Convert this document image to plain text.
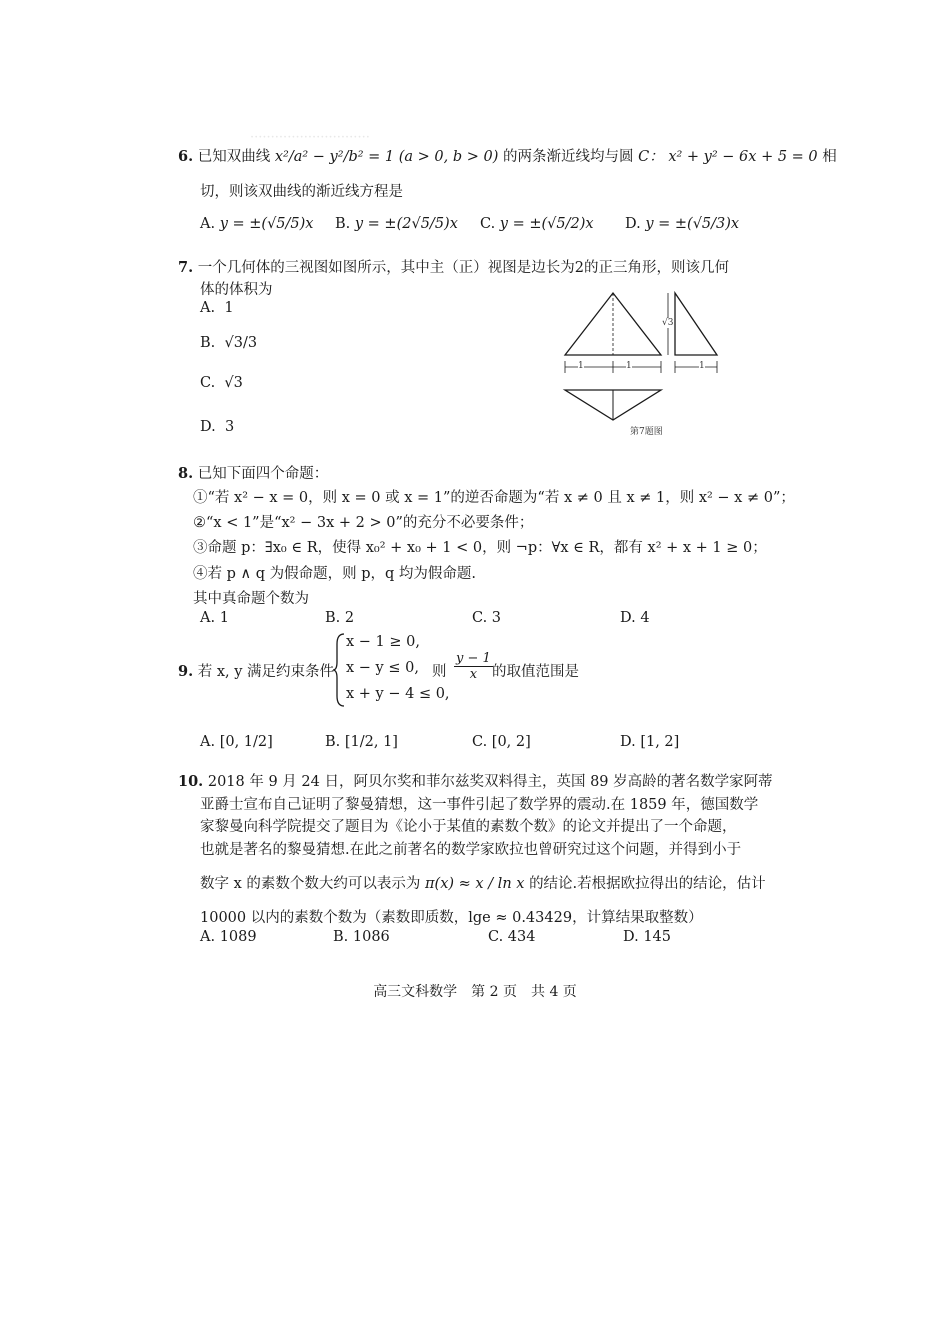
·····························
6. 已知双曲线 x²/a² − y²/b² = 1 (a > 0, b > 0) 的两条渐近线均与圆 C： x² + y² − 6x + 5 = 0 相
切，则该双曲线的渐近线方程是
A. y = ±(√5/5)x B. y = ±(2√5/5)x C. y = ±(√5/2)x D. y = ±(√5/3)x
7. 一个几何体的三视图如图所示，其中主（正）视图是边长为2的正三角形，则该几何
体的体积为
A. 1
B. √3/3
C. √3
D. 3
1	1	1
√3
第7题图
8. 已知下面四个命题：
①“若 x² − x = 0，则 x = 0 或 x = 1”的逆否命题为“若 x ≠ 0 且 x ≠ 1，则 x² − x ≠ 0”；
②“x < 1”是“x² − 3x + 2 > 0”的充分不必要条件；
③命题 p：∃x₀ ∈ R，使得 x₀² + x₀ + 1 < 0，则 ¬p：∀x ∈ R，都有 x² + x + 1 ≥ 0；
④若 p ∧ q 为假命题，则 p，q 均为假命题.
其中真命题个数为
A. 1	B. 2	C. 3	D. 4
9. 若 x, y 满足约束条件
x − 1 ≥ 0,
x − y ≤ 0,
x + y − 4 ≤ 0,
则 $\frac{y - 1}{x}$ 的取值范围是
A. [0, 1/2]	B. [1/2, 1]	C. [0, 2]	D. [1, 2]
10. 2018 年 9 月 24 日，阿贝尔奖和菲尔兹奖双料得主，英国 89 岁高龄的著名数学家阿蒂
亚爵士宣布自己证明了黎曼猜想，这一事件引起了数学界的震动.在 1859 年，德国数学
家黎曼向科学院提交了题目为《论小于某值的素数个数》的论文并提出了一个命题，
也就是著名的黎曼猜想.在此之前著名的数学家欧拉也曾研究过这个问题，并得到小于
数字 x 的素数个数大约可以表示为 π(x) ≈ x / ln x 的结论.若根据欧拉得出的结论，估计
10000 以内的素数个数为（素数即质数，lge ≈ 0.43429，计算结果取整数）
A. 1089	B. 1086	C. 434	D. 145
高三文科数学　第 2 页　共 4 页
